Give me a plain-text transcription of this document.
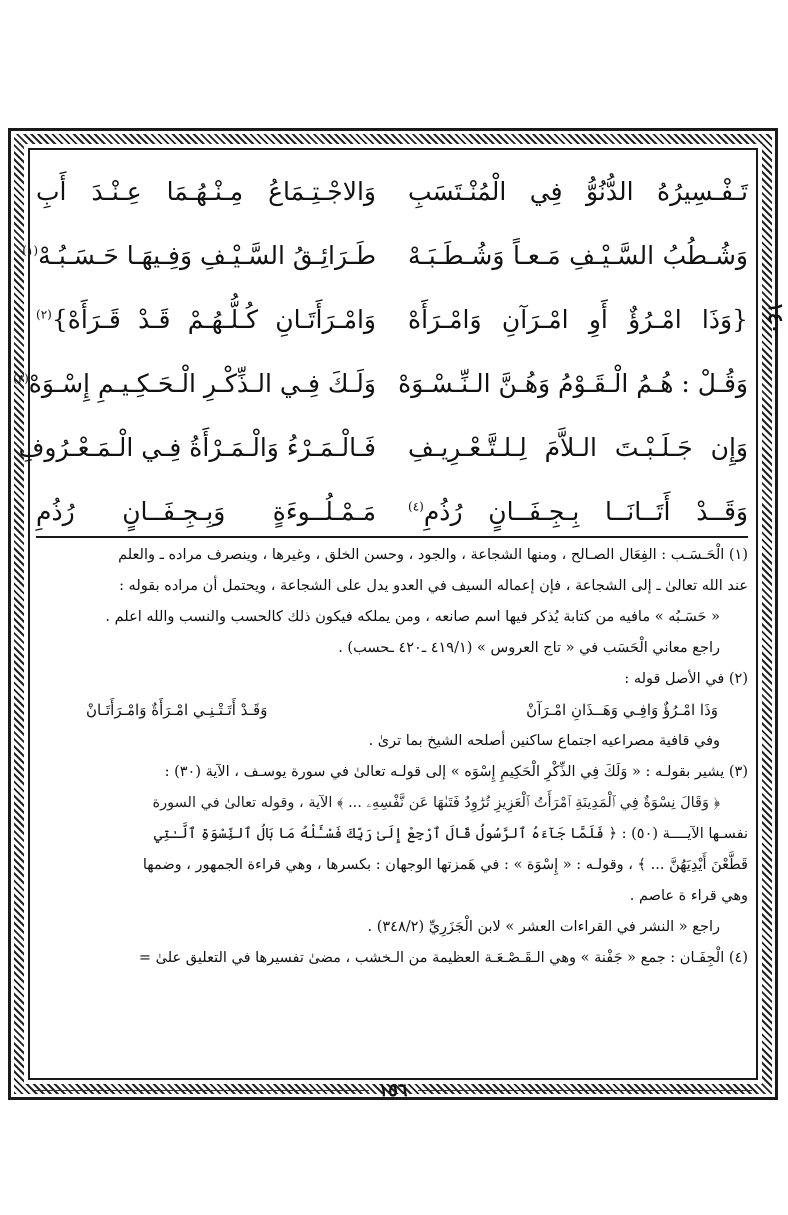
١٤٠
تَـفْـسِيرُهُ الدُّنُوُّ فِي الْمُنْـتَسَبِ
وَالاجْـتِـمَاعُ مِـنْـهُـمَا عِـنْـدَ أَبِ
وَشُـطُبُ السَّـيْـفِ مَـعـاً وَشُـطَـبَـهْ
طَـرَائِـقُ السَّـيْـفِ وَفِـيهَـا حَـسَـبُـهْ$^{(١)}$
{وَذَا امْـرُؤٌ أَوِ امْـرَآنِ وَامْـرَأَهْ
وَامْـرَأَتَـانِ كُـلُّـهُـمْ قَـدْ قَـرَأَهْ}$^{(٢)}$
وَقُـلْ : هُـمُ الْـقَـوْمُ وَهُـنَّ الـنِّـسْـوَهْ
وَلَـكَ فِـي الـذِّكْـرِ الْـحَـكِـيـمِ إِسْـوَهْ$^{(٣)}$
وَإِن جَـلَـبْـتَ الـلاَّمَ لِـلـتَّـعْـرِيـفِ
فَـالْـمَـرْءُ وَالْـمَـرْأَةُ فِـي الْـمَـعْـرُوفِ
وَقَــدْ أَتَــانَــا بِـجِـفَــانٍ رُذُمِ$^{(٤)}$
مَـمْـلُــوءَةٍ وَبِـجِـفَــانٍ رُذُمِ

(١) الْحَـسَـب : الفِعَال الصـالح ، ومنها الشجاعة ، والجود ، وحسن الخلق ، وغيرها ، وينصرف مراده ـ والعلم

عند الله تعالىٰ ـ إلى الشجاعة ، فإن إعماله السيف في العدو يدل على الشجاعة ، ويحتمل أن مراده بقوله :

« حَسَـبُه » مافيه من كتابة يُذكر فيها اسم صانعه ، ومن يملكه فيكون ذلك كالحسب والنسب والله اعلم .

راجع معاني الْحَسَب في « تاج العروس » (٤١٩/١ ـ٤٢٠ ـحسب) .

(٢) في الأصل قوله :

وَذَا امْـرُؤٌ وَافِـي وَهَــذَانِ امْـرَآنْ
وَقَـدْ أَتَـتْـنِـي امْـرَأَةٌ وَامْـرَأَتَـانْ

وفي قافية مصراعيه اجتماع ساكنين أصلحه الشيخ بما ترىٰ .

(٣) يشير بقولـه : « وَلَكَ فِي الذِّكْرِ الْحَكِيمِ إِسْوَه » إلى قولـه تعالىٰ في سورة يوسـف ، الآية (٣٠) :

﴿ وَقَالَ نِسْوَةٌ فِي ٱلْمَدِينَةِ ٱمْرَأَتُ ٱلْعَزِيزِ تُرَٰوِدُ فَتَىٰهَا عَن نَّفْسِهِۦ ... ﴾ الآية ، وقوله تعالىٰ في السورة

نفسـها الآيــــة (٥٠) : ﴿ فَلَمَّا جَآءَهُ ٱلرَّسُولُ قَالَ ٱرْجِعْ إِلَىٰ رَبِّكَ فَسْـَٔلْهُ مَا بَالُ ٱلنِّسْوَةِ ٱلَّـٰتِي

قَطَّعْنَ أَيْدِيَهُنَّ ... ﴾ ، وقولـه : « إِسْوَة » : في هَمزتها الوجهان : بكسرها ، وهي قراءة الجمهور ، وضمها

وهي قراء ة عاصم .

راجع « النشر في القراءات العشر » لابن الْجَزَرِيِّ (٣٤٨/٢) .

(٤) الْجِفَـان : جمع « جَفْنة » وهي الـقَـصْـعَـة العظيمة من الـخشب ، مضىٰ تفسيرها في التعليق علىٰ =

١٥٦
